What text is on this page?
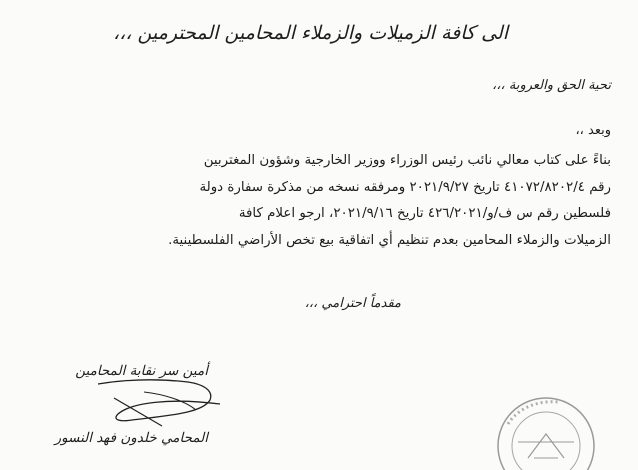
الى كافة الزميلات والزملاء المحامين المحترمين ،،،
تحية الحق والعروبة ،،،
وبعد ،،
بناءً على كتاب معالي نائب رئيس الوزراء ووزير الخارجية وشؤون المغتربين
رقم ٤١٠٧٢/٨٢٠٢/٤ تاريخ ٢٠٢١/٩/٢٧ ومرفقه نسخه من مذكرة سفارة دولة
فلسطين رقم س ف/و/٤٢٦/٢٠٢١ تاريخ ٢٠٢١/٩/١٦، ارجو اعلام كافة
الزميلات والزملاء المحامين بعدم تنظيم أي اتفاقية بيع تخص الأراضي الفلسطينية.
مقدماً احترامي ،،،
أمين سر نقابة المحامين
المحامي خلدون فهد النسور
